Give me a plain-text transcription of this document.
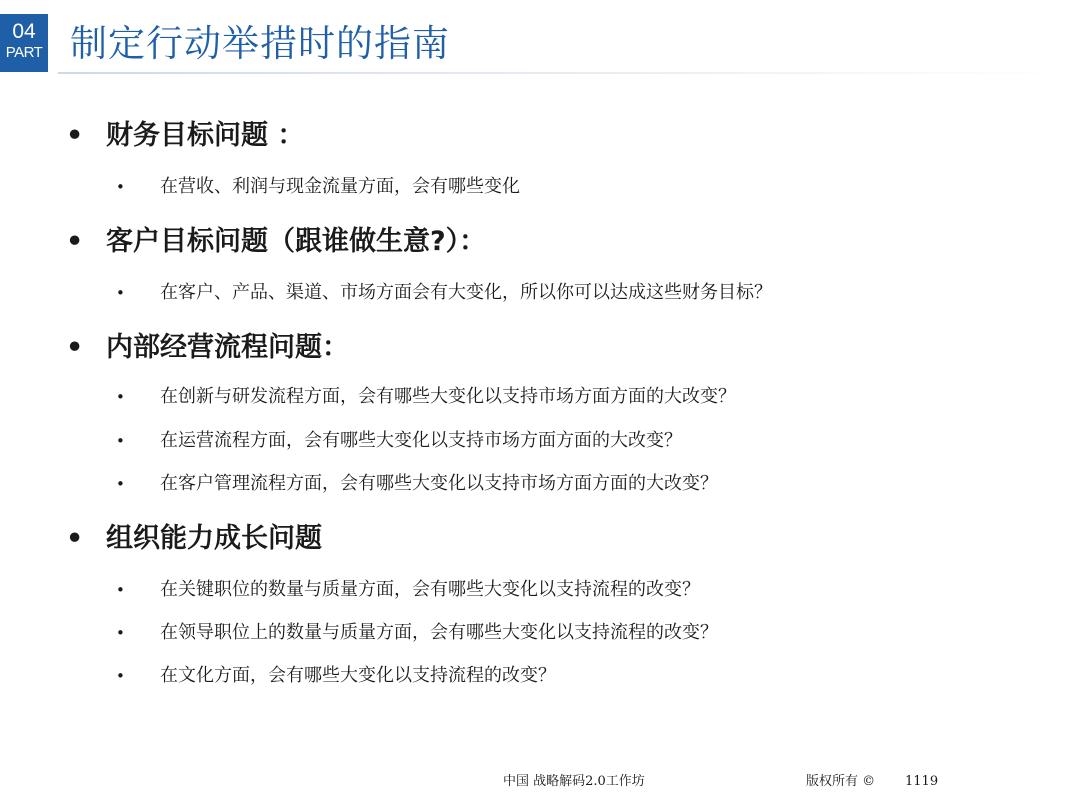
04
PART 制定行动举措时的指南
• 财务目标问题 ：
• 在营收、利润与现金流量方面，会有哪些变化
• 客户目标问题（跟谁做生意?）：
• 在客户、产品、渠道、市场方面会有大变化，所以你可以达成这些财务目标？
• 内部经营流程问题：
• 在创新与研发流程方面，会有哪些大变化以支持市场方面方面的大改变？
• 在运营流程方面，会有哪些大变化以支持市场方面方面的大改变？
• 在客户管理流程方面，会有哪些大变化以支持市场方面方面的大改变？
• 组织能力成长问题
• 在关键职位的数量与质量方面，会有哪些大变化以支持流程的改变？
• 在领导职位上的数量与质量方面，会有哪些大变化以支持流程的改变？
• 在文化方面，会有哪些大变化以支持流程的改变？
中国 战略解码2.0工作坊	版权所有 © 1119
